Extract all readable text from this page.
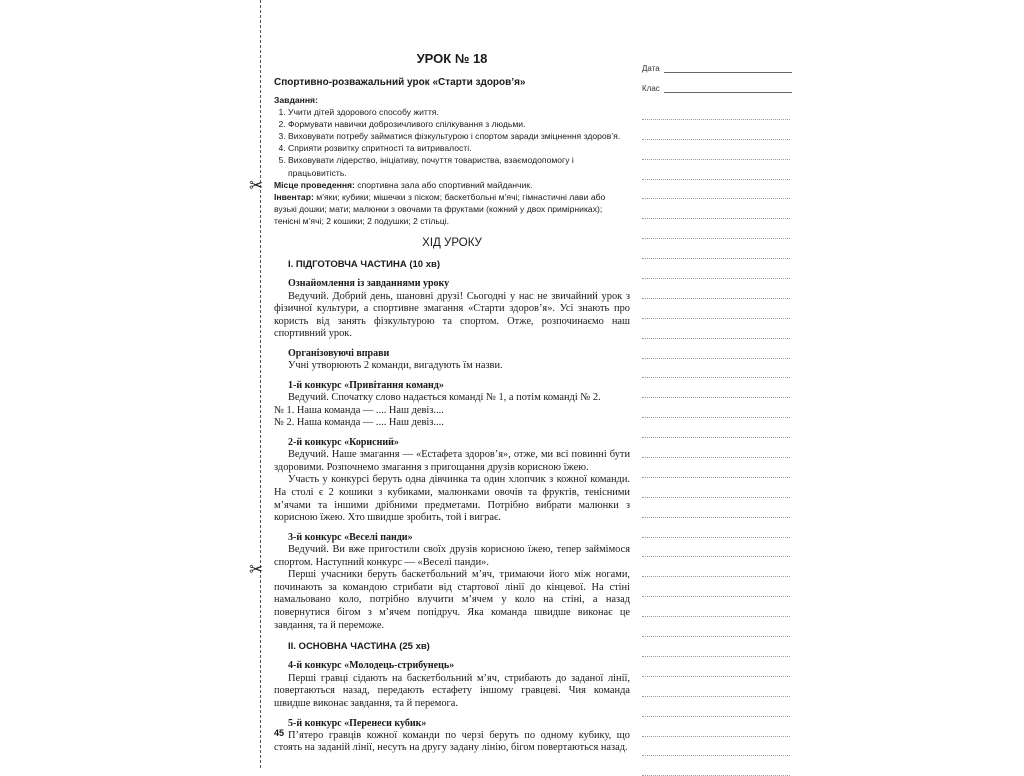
✂
✂
УРОК № 18
Спортивно-розважальний урок «Старти здоров’я»
Завдання:
1. Учити дітей здорового способу життя.
2. Формувати навички доброзичливого спілкування з людьми.
3. Виховувати потребу займатися фізкультурою і спортом заради зміцнення здоров’я.
4. Сприяти розвитку спритності та витривалості.
5. Виховувати лідерство, ініціативу, почуття товариства, взаємодопомогу і працьовитість.

Місце проведення: спортивна зала або спортивний майданчик.

Інвентар: м’яки; кубики; мішечки з піском; баскетбольні м’ячі; гімнастичні лави або вузькі дошки; мати; малюнки з овочами та фруктами (кожний у двох примірниках); тенісні м’ячі; 2 кошики; 2 подушки; 2 стільці.

ХІД УРОКУ
І. ПІДГОТОВЧА ЧАСТИНА (10 хв)
Ознайомлення із завданнями уроку

Ведучий. Добрий день, шановні друзі! Сьогодні у нас не звичайний урок з фізичної культури, а спортивне змагання «Старти здоров’я». Усі знають про користь від занять фізкультурою та спортом. Отже, розпочинаємо наш спортивний урок.

Організовуючі вправи

Учні утворюють 2 команди, вигадують їм назви.

1-й конкурс «Привітання команд»

Ведучий. Спочатку слово надається команді № 1, а потім команді № 2.

№ 1. Наша команда — .... Наш девіз....

№ 2. Наша команда — .... Наш девіз....

2-й конкурс «Корисний»

Ведучий. Наше змагання — «Естафета здоров’я», отже, ми всі повинні бути здоровими. Розпочнемо змагання з пригощання друзів корисною їжею.

Участь у конкурсі беруть одна дівчинка та один хлопчик з кожної команди. На столі є 2 кошики з кубиками, малюнками овочів та фруктів, тенісними м’ячами та іншими дрібними предметами. Потрібно вибрати малюнки з корисною їжею. Хто швидше зробить, той і виграє.

3-й конкурс «Веселі панди»

Ведучий. Ви вже пригостили своїх друзів корисною їжею, тепер займімося спортом. Наступний конкурс — «Веселі панди».

Перші учасники беруть баскетбольний м’яч, тримаючи його між ногами, починають за командою стрибати від стартової лінії до кінцевої. На стіні намальовано коло, потрібно влучити м’ячем у коло на стіні, а назад повернутися бігом з м’ячем попідруч. Яка команда швидше виконає це завдання, та й переможе.

ІІ. ОСНОВНА ЧАСТИНА (25 хв)
4-й конкурс «Молодець-стрибунець»

Перші гравці сідають на баскетбольний м’яч, стрибають до заданої лінії, повертаються назад, передають естафету іншому гравцеві. Чия команда швидше виконає завдання, та й перемога.

5-й конкурс «Перенеси кубик»

П’ятеро гравців кожної команди по черзі беруть по одному кубику, що стоять на заданій лінії, несуть на другу задану лінію, бігом повертаються назад.

45
Дата
Клас
